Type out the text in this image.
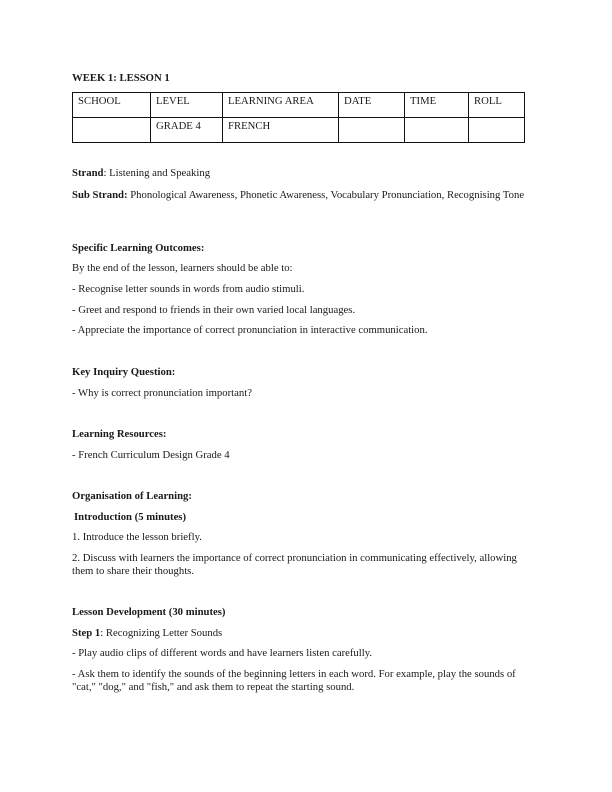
WEEK 1: LESSON 1
SCHOOL	LEVEL	LEARNING AREA	DATE	TIME	ROLL
	GRADE 4	FRENCH			
Strand: Listening and Speaking
Sub Strand: Phonological Awareness, Phonetic Awareness, Vocabulary Pronunciation, Recognising Tone
Specific Learning Outcomes:
By the end of the lesson, learners should be able to:
- Recognise letter sounds in words from audio stimuli.
- Greet and respond to friends in their own varied local languages.
- Appreciate the importance of correct pronunciation in interactive communication.
Key Inquiry Question:
- Why is correct pronunciation important?
Learning Resources:
- French Curriculum Design Grade 4
Organisation of Learning:
Introduction (5 minutes)
1. Introduce the lesson briefly.
2. Discuss with learners the importance of correct pronunciation in communicating effectively, allowing them to share their thoughts.
Lesson Development (30 minutes)
Step 1: Recognizing Letter Sounds
- Play audio clips of different words and have learners listen carefully.
- Ask them to identify the sounds of the beginning letters in each word. For example, play the sounds of "cat," "dog," and "fish," and ask them to repeat the starting sound.
